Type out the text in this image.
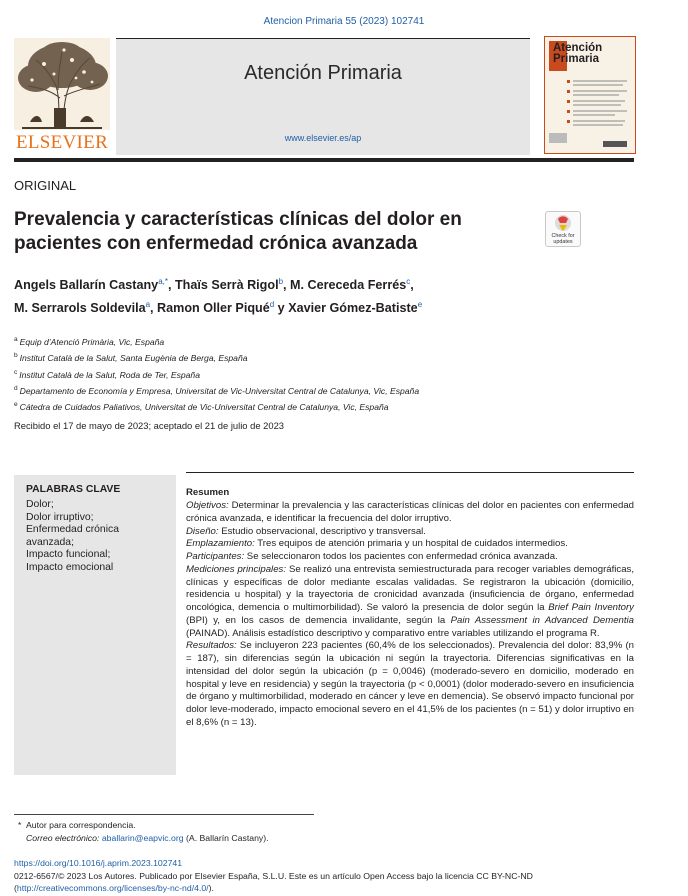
Atencion Primaria 55 (2023) 102741
ELSEVIER
Atención Primaria
www.elsevier.es/ap
Atención
Primaria
ORIGINAL
Prevalencia y características clínicas del dolor en pacientes con enfermedad crónica avanzada	Check for updates
Angels Ballarín Castany$^{a,*}$, Thaïs Serrà Rigol$^b$, M. Cereceda Ferrés$^c$,
M. Serrarols Soldevila$^a$, Ramon Oller Piqué$^d$ y Xavier Gómez-Batiste$^e$
$^a$ Equip d’Atenció Primària, Vic, España
$^b$ Institut Català de la Salut, Santa Eugènia de Berga, España
$^c$ Institut Català de la Salut, Roda de Ter, España
$^d$ Departamento de Economía y Empresa, Universitat de Vic-Universitat Central de Catalunya, Vic, España
$^e$ Cátedra de Cuidados Paliativos, Universitat de Vic-Universitat Central de Catalunya, Vic, España
Recibido el 17 de mayo de 2023; aceptado el 21 de julio de 2023
PALABRAS CLAVE
Dolor;
Dolor irruptivo;
Enfermedad crónica avanzada;
Impacto funcional;
Impacto emocional
Resumen

Objetivos: Determinar la prevalencia y las características clínicas del dolor en pacientes con enfermedad crónica avanzada, e identificar la frecuencia del dolor irruptivo.

Diseño: Estudio observacional, descriptivo y transversal.

Emplazamiento: Tres equipos de atención primaria y un hospital de cuidados intermedios.

Participantes: Se seleccionaron todos los pacientes con enfermedad crónica avanzada.

Mediciones principales: Se realizó una entrevista semiestructurada para recoger variables demográficas, clínicas y específicas de dolor mediante escalas validadas. Se registraron la ubicación (domicilio, residencia u hospital) y la trayectoria de cronicidad avanzada (insuficiencia de órgano, enfermedad oncológica, demencia o multimorbilidad). Se valoró la presencia de dolor según la Brief Pain Inventory (BPI) y, en los casos de demencia invalidante, según la Pain Assessment in Advanced Dementia (PAINAD). Análisis estadístico descriptivo y comparativo entre variables utilizando el programa R.

Resultados: Se incluyeron 223 pacientes (60,4% de los seleccionados). Prevalencia del dolor: 83,9% (n = 187), sin diferencias según la ubicación ni según la trayectoria. Diferencias significativas en la intensidad del dolor según la ubicación (p = 0,0046) (moderado-severo en domicilio, moderado en hospital y leve en residencia) y según la trayectoria (p < 0,0001) (dolor moderado-severo en insuficiencia de órgano y multimorbilidad, moderado en cáncer y leve en demencia). Se observó impacto funcional por dolor leve-moderado, impacto emocional severo en el 41,5% de los pacientes (n = 51) y dolor irruptivo en el 8,6% (n = 13).

* Autor para correspondencia.
Correo electrónico: aballarin@eapvic.org (A. Ballarín Castany).
https://doi.org/10.1016/j.aprim.2023.102741
0212-6567/© 2023 Los Autores. Publicado por Elsevier España, S.L.U. Este es un artículo Open Access bajo la licencia CC BY-NC-ND (http://creativecommons.org/licenses/by-nc-nd/4.0/).
